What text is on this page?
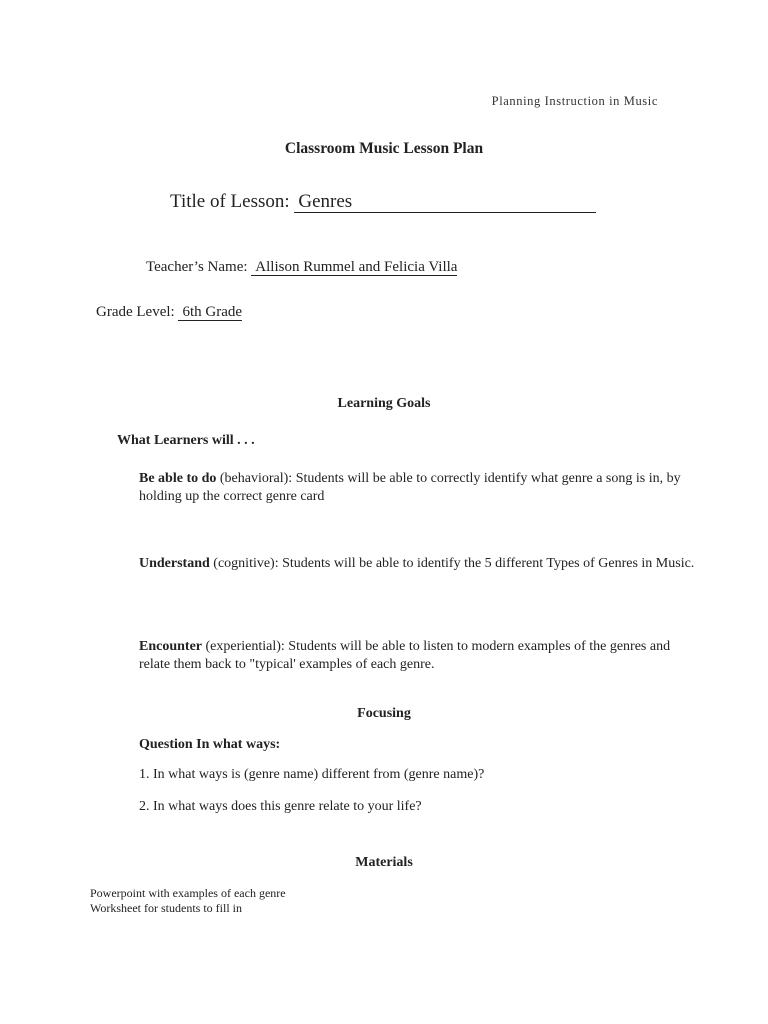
Planning Instruction in Music
Classroom Music Lesson Plan
Title of Lesson: Genres
Teacher’s Name: Allison Rummel and Felicia Villa
Grade Level: 6th Grade
Learning Goals
What Learners will . . .
Be able to do (behavioral): Students will be able to correctly identify what genre a song is in, by holding up the correct genre card
Understand (cognitive): Students will be able to identify the 5 different Types of Genres in Music.
Encounter (experiential): Students will be able to listen to modern examples of the genres and relate them back to "typical' examples of each genre.
Focusing
Question In what ways:
1. In what ways is (genre name) different from (genre name)?
2. In what ways does this genre relate to your life?
Materials
Powerpoint with examples of each genre
Worksheet for students to fill in
